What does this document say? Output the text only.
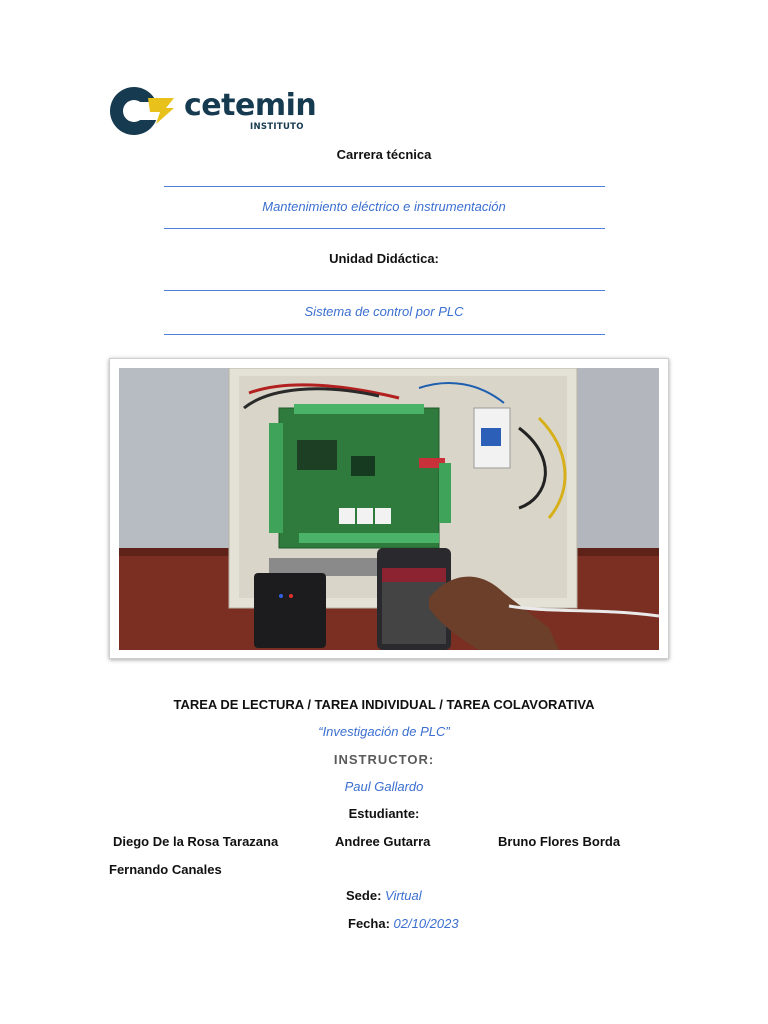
cetemin
INSTITUTO
Carrera técnica
Mantenimiento eléctrico e instrumentación
Unidad Didáctica:
Sistema de control por PLC
TAREA DE LECTURA / TAREA INDIVIDUAL / TAREA COLAVORATIVA
“Investigación de PLC”
INSTRUCTOR:
Paul Gallardo
Estudiante:
Diego De la Rosa Tarazana	Andree Gutarra	Bruno Flores Borda
Fernando Canales
Sede: Virtual
Fecha: 02/10/2023
